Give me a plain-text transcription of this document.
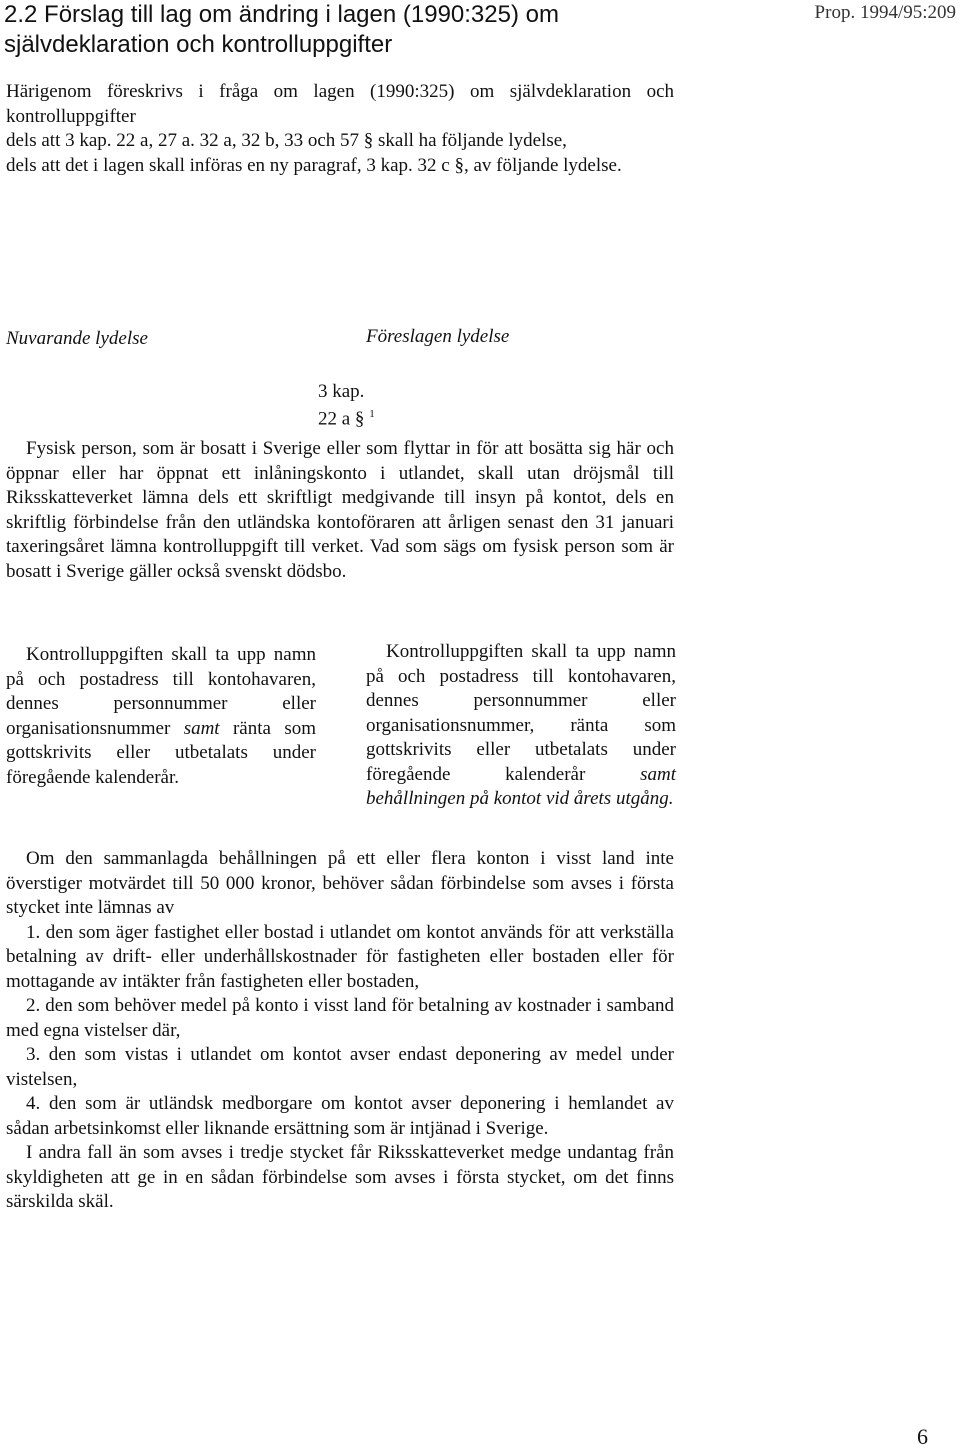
2.2 Förslag till lag om ändring i lagen (1990:325) om självdeklaration och kontrolluppgifter
Prop. 1994/95:209

Härigenom föreskrivs i fråga om lagen (1990:325) om självdeklaration och kontrolluppgifter

dels att 3 kap. 22 a, 27 a. 32 a, 32 b, 33 och 57 § skall ha följande lydelse,

dels att det i lagen skall införas en ny paragraf, 3 kap. 32 c §, av följande lydelse.

Nuvarande lydelse	Föreslagen lydelse
3 kap.
22 a § $^1$
Fysisk person, som är bosatt i Sverige eller som flyttar in för att bosätta sig här och öppnar eller har öppnat ett inlåningskonto i utlandet, skall utan dröjsmål till Riksskatteverket lämna dels ett skriftligt medgivande till insyn på kontot, dels en skriftlig förbindelse från den utländska kontoföraren att årligen senast den 31 januari taxeringsåret lämna kontrolluppgift till verket. Vad som sägs om fysisk person som är bosatt i Sverige gäller också svenskt dödsbo.
Kontrolluppgiften skall ta upp namn på och postadress till kontohavaren, dennes personnummer eller organisationsnummer samt ränta som gottskrivits eller utbetalats under föregående kalenderår.
Kontrolluppgiften skall ta upp namn på och postadress till kontohavaren, dennes personnummer eller organisationsnummer, ränta som gottskrivits eller utbetalats under föregående kalenderår samt behållningen på kontot vid årets utgång.

Om den sammanlagda behållningen på ett eller flera konton i visst land inte överstiger motvärdet till 50 000 kronor, behöver sådan förbindelse som avses i första stycket inte lämnas av

1. den som äger fastighet eller bostad i utlandet om kontot används för att verkställa betalning av drift- eller underhållskostnader för fastigheten eller bostaden eller för mottagande av intäkter från fastigheten eller bostaden,

2. den som behöver medel på konto i visst land för betalning av kostnader i samband med egna vistelser där,

3. den som vistas i utlandet om kontot avser endast deponering av medel under vistelsen,

4. den som är utländsk medborgare om kontot avser deponering i hemlandet av sådan arbetsinkomst eller liknande ersättning som är intjänad i Sverige.

I andra fall än som avses i tredje stycket får Riksskatteverket medge undantag från skyldigheten att ge in en sådan förbindelse som avses i första stycket, om det finns särskilda skäl.

6
